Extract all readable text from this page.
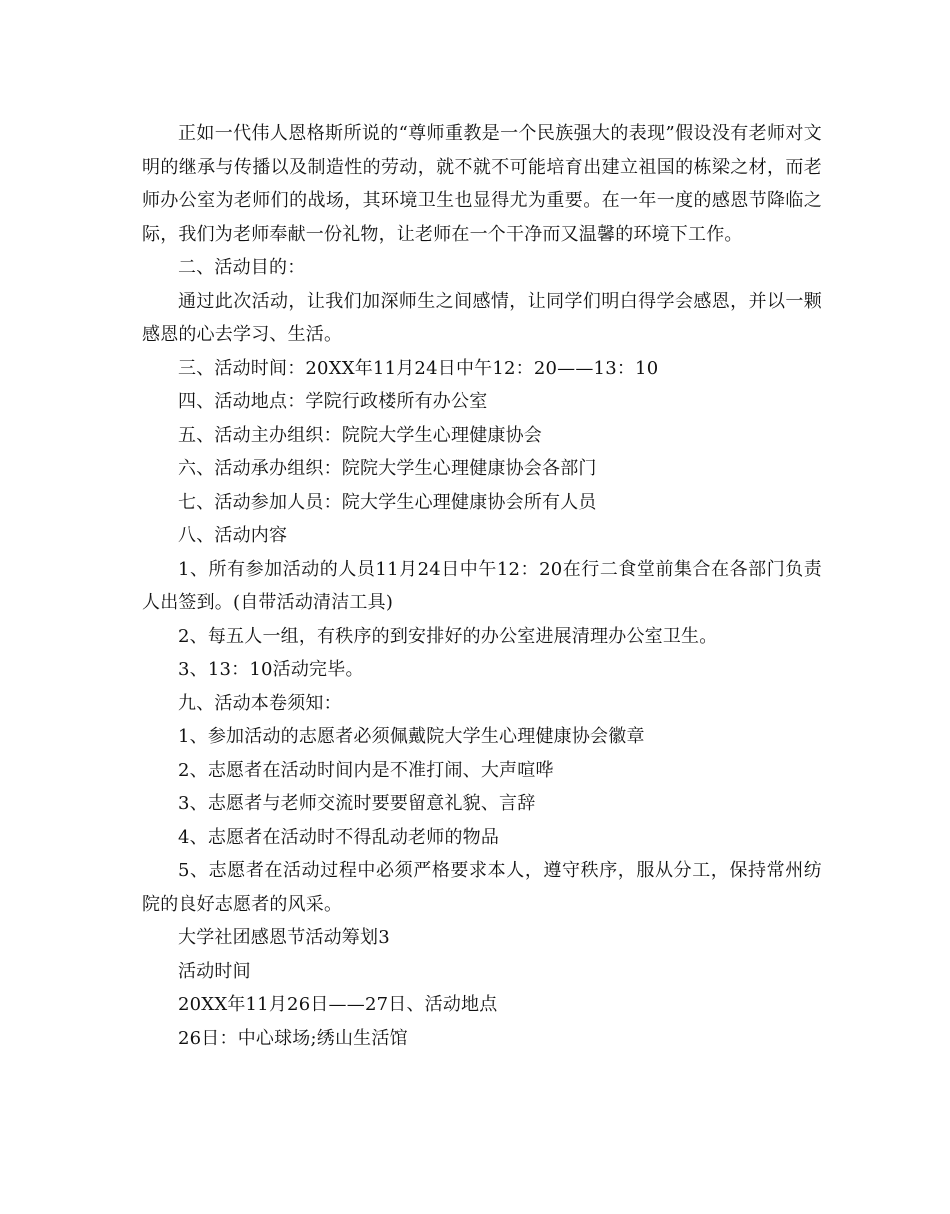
正如一代伟人恩格斯所说的“尊师重教是一个民族强大的表现”假设没有老师对文明的继承与传播以及制造性的劳动，就不就不可能培育出建立祖国的栋梁之材，而老师办公室为老师们的战场，其环境卫生也显得尤为重要。在一年一度的感恩节降临之际，我们为老师奉献一份礼物，让老师在一个干净而又温馨的环境下工作。

二、活动目的：

通过此次活动，让我们加深师生之间感情，让同学们明白得学会感恩，并以一颗感恩的心去学习、生活。

三、活动时间：20XX年11月24日中午12：20——13：10

四、活动地点：学院行政楼所有办公室

五、活动主办组织：院院大学生心理健康协会

六、活动承办组织：院院大学生心理健康协会各部门

七、活动参加人员：院大学生心理健康协会所有人员

八、活动内容

1、所有参加活动的人员11月24日中午12：20在行二食堂前集合在各部门负责人出签到。(自带活动清洁工具)

2、每五人一组，有秩序的到安排好的办公室进展清理办公室卫生。

3、13：10活动完毕。

九、活动本卷须知：

1、参加活动的志愿者必须佩戴院大学生心理健康协会徽章

2、志愿者在活动时间内是不准打闹、大声喧哗

3、志愿者与老师交流时要要留意礼貌、言辞

4、志愿者在活动时不得乱动老师的物品

5、志愿者在活动过程中必须严格要求本人，遵守秩序，服从分工，保持常州纺院的良好志愿者的风采。

大学社团感恩节活动筹划3

活动时间

20XX年11月26日——27日、活动地点

26日：中心球场;绣山生活馆
